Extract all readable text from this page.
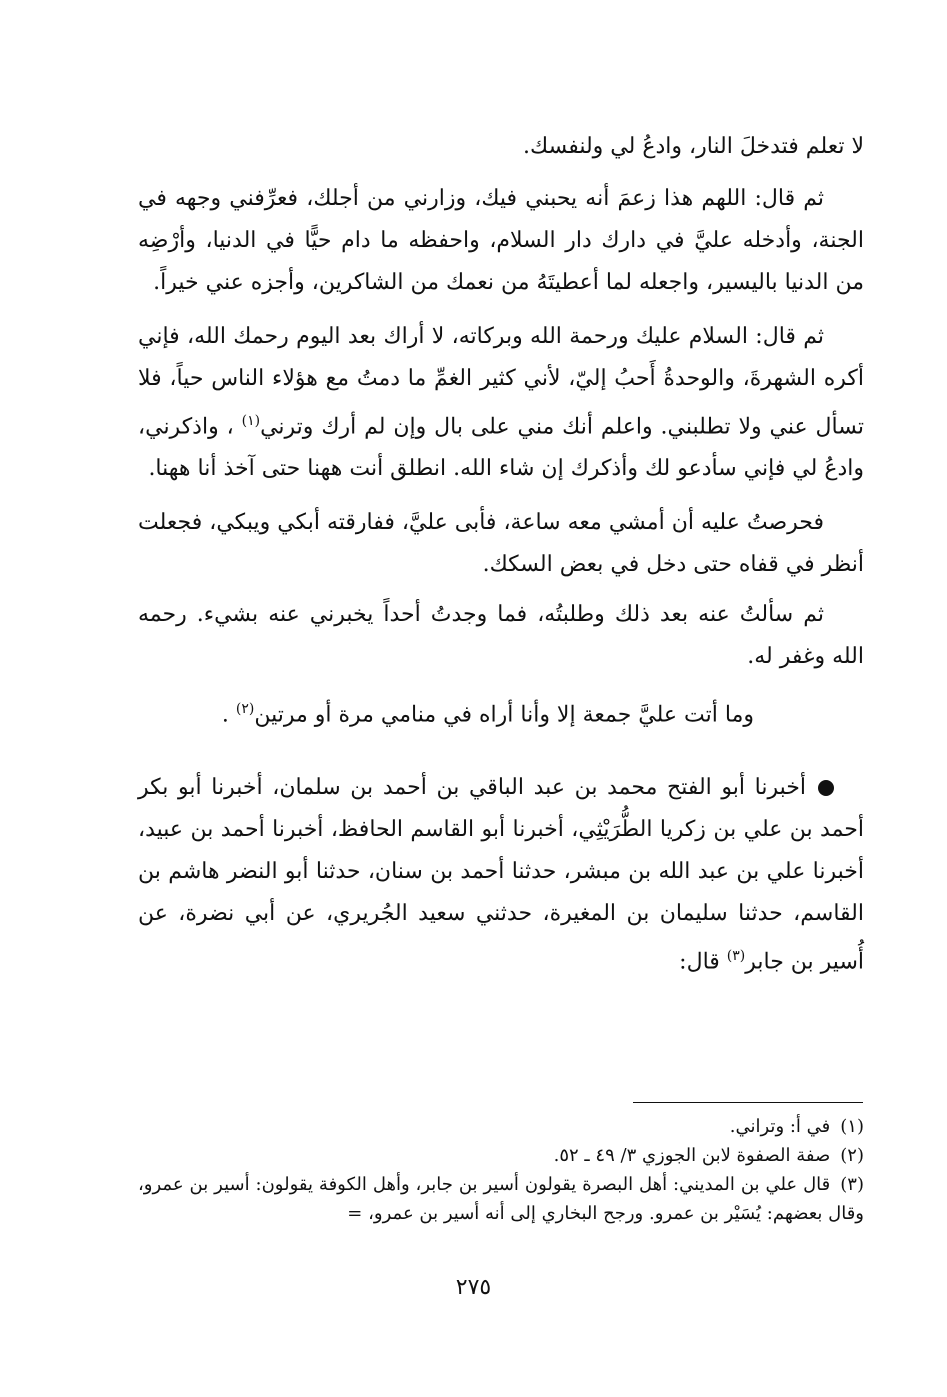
لا تعلم فتدخلَ النار، وادعُ لي ولنفسك.

ثم قال: اللهم هذا زعمَ أنه يحبني فيك، وزارني من أجلك، فعرِّفني وجهه في الجنة، وأدخله عليَّ في دارك دار السلام، واحفظه ما دام حيًّا في الدنيا، وأرْضِه من الدنيا باليسير، واجعله لما أعطيتَهُ من نعمك من الشاكرين، وأجزه عني خيراً.

ثم قال: السلام عليك ورحمة الله وبركاته، لا أراك بعد اليوم رحمك الله، فإني أكره الشهرةَ، والوحدةُ أَحبُ إليّ، لأني كثير الغمِّ ما دمتُ مع هؤلاء الناس حياً، فلا تسأل عني ولا تطلبني. واعلم أنك مني على بال وإن لم أرك وترني$^{(١)}$ ، واذكرني، وادعُ لي فإني سأدعو لك وأذكرك إن شاء الله. انطلق أنت ههنا حتى آخذ أنا ههنا.

فحرصتُ عليه أن أمشي معه ساعة، فأبى عليَّ، ففارقته أبكي ويبكي، فجعلت أنظر في قفاه حتى دخل في بعض السكك.

ثم سألتُ عنه بعد ذلك وطلبتُه، فما وجدتُ أحداً يخبرني عنه بشيء. رحمه الله وغفر له.

وما أتت عليَّ جمعة إلا وأنا أراه في منامي مرة أو مرتين$^{(٢)}$ .

أخبرنا أبو الفتح محمد بن عبد الباقي بن أحمد بن سلمان، أخبرنا أبو بكر أحمد بن علي بن زكريا الطُّرَيْثِي، أخبرنا أبو القاسم الحافظ، أخبرنا أحمد بن عبيد، أخبرنا علي بن عبد الله بن مبشر، حدثنا أحمد بن سنان، حدثنا أبو النضر هاشم بن القاسم، حدثنا سليمان بن المغيرة، حدثني سعيد الجُريري، عن أبي نضرة، عن أُسير بن جابر$^{(٣)}$ قال:

(١)في أ: وتراني.

(٢)صفة الصفوة لابن الجوزي ٣/ ٤٩ ـ ٥٢.

(٣)قال علي بن المديني: أهل البصرة يقولون أسير بن جابر، وأهل الكوفة يقولون: أسير بن عمرو، وقال بعضهم: يُسَيْر بن عمرو. ورجح البخاري إلى أنه أسير بن عمرو، =

٢٧٥
